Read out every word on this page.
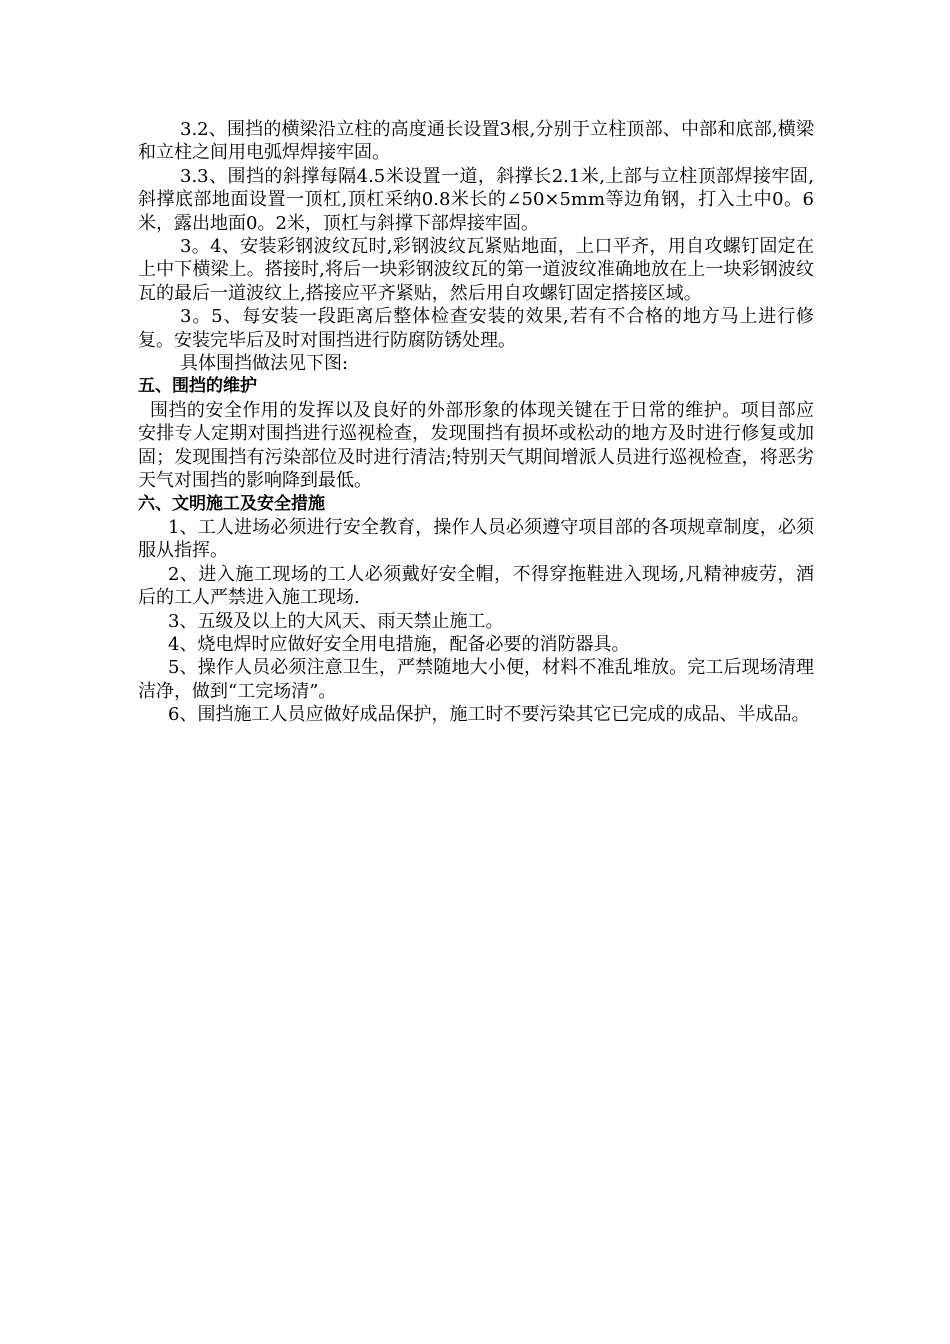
3.2、围挡的横梁沿立柱的高度通长设置3根,分别于立柱顶部、中部和底部,横梁和立柱之间用电弧焊焊接牢固。

3.3、围挡的斜撑每隔4.5米设置一道，斜撑长2.1米,上部与立柱顶部焊接牢固,斜撑底部地面设置一顶杠,顶杠采纳0.8米长的∠50×5mm等边角钢，打入土中0。6米，露出地面0。2米，顶杠与斜撑下部焊接牢固。

3。4、安装彩钢波纹瓦时,彩钢波纹瓦紧贴地面，上口平齐，用自攻螺钉固定在上中下横梁上。搭接时,将后一块彩钢波纹瓦的第一道波纹准确地放在上一块彩钢波纹瓦的最后一道波纹上,搭接应平齐紧贴，然后用自攻螺钉固定搭接区域。

3。5、每安装一段距离后整体检查安装的效果,若有不合格的地方马上进行修复。安装完毕后及时对围挡进行防腐防锈处理。

具体围挡做法见下图:

五、围挡的维护

围挡的安全作用的发挥以及良好的外部形象的体现关键在于日常的维护。项目部应安排专人定期对围挡进行巡视检查，发现围挡有损坏或松动的地方及时进行修复或加固；发现围挡有污染部位及时进行清洁;特别天气期间增派人员进行巡视检查，将恶劣天气对围挡的影响降到最低。

六、文明施工及安全措施

1、工人进场必须进行安全教育，操作人员必须遵守项目部的各项规章制度，必须服从指挥。

2、进入施工现场的工人必须戴好安全帽，不得穿拖鞋进入现场,凡精神疲劳，酒后的工人严禁进入施工现场.

3、五级及以上的大风天、雨天禁止施工。

4、烧电焊时应做好安全用电措施，配备必要的消防器具。

5、操作人员必须注意卫生，严禁随地大小便，材料不准乱堆放。完工后现场清理洁净，做到“工完场清”。

6、围挡施工人员应做好成品保护，施工时不要污染其它已完成的成品、半成品。
